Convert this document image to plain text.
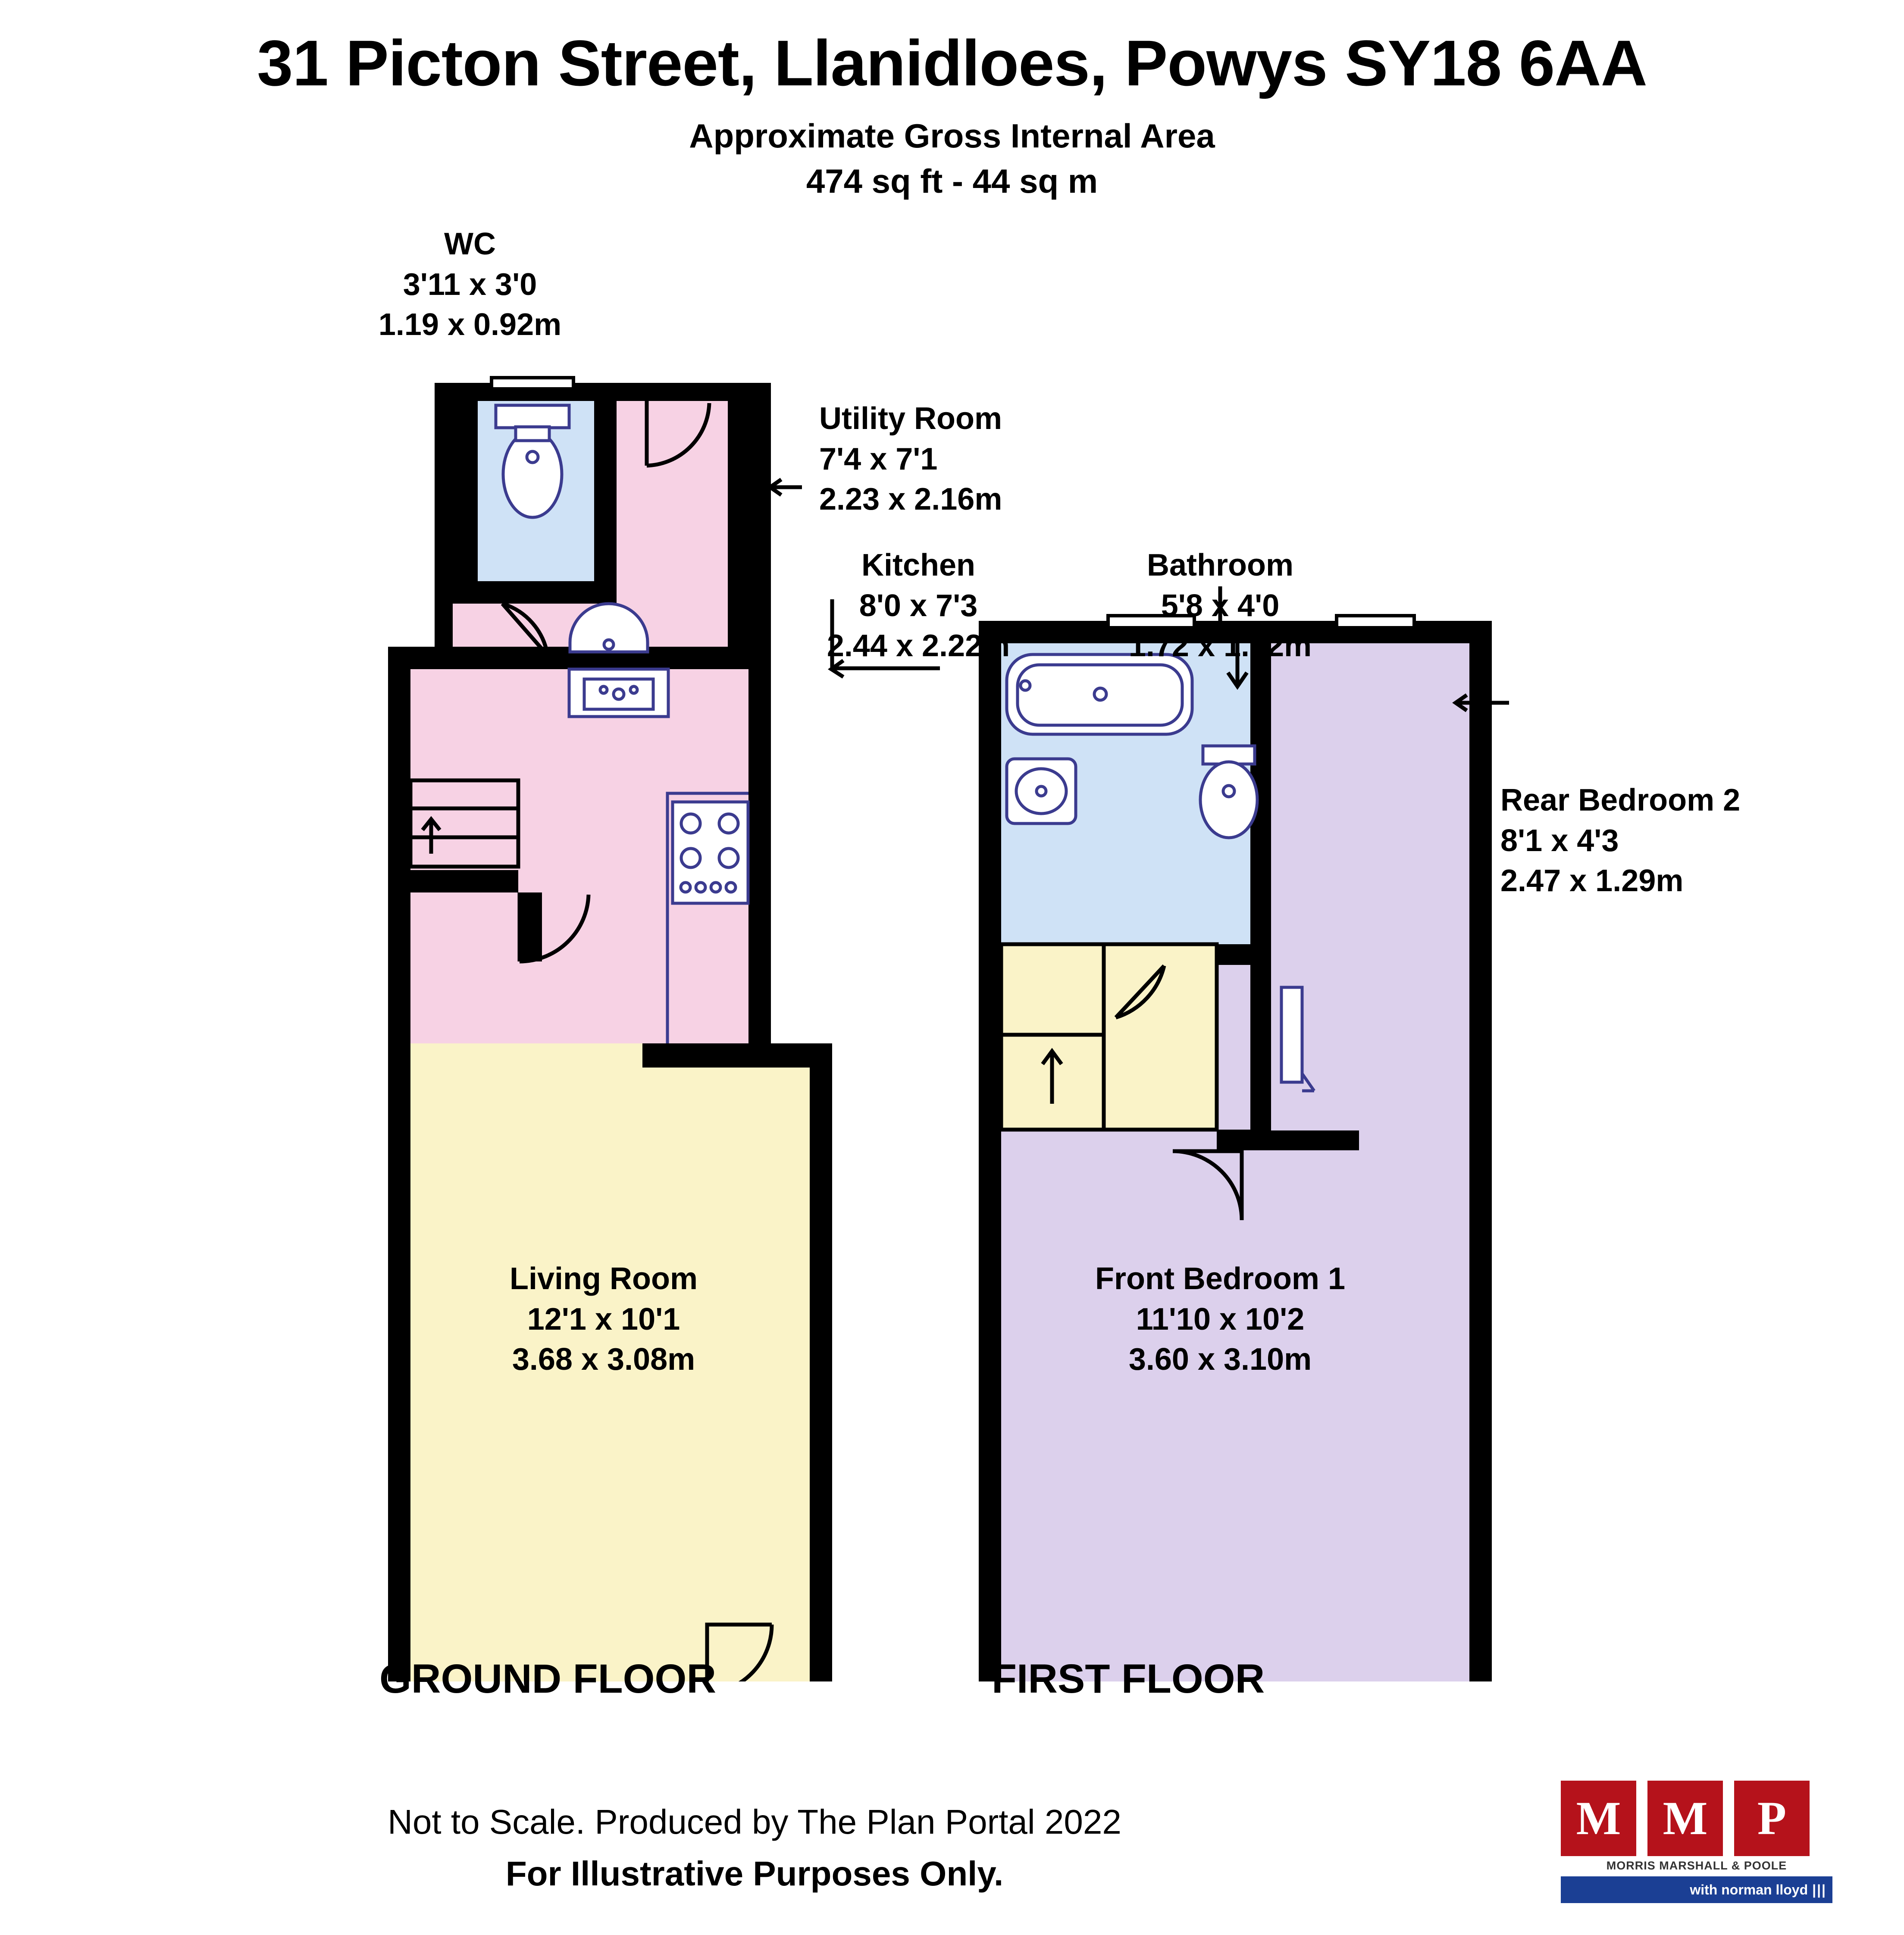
31 Picton Street, Llanidloes, Powys SY18 6AA
Approximate Gross Internal Area
474 sq ft - 44 sq m
WC
3'11 x 3'0
1.19 x 0.92m
Utility Room
7'4 x 7'1
2.23 x 2.16m
Kitchen
8'0 x 7'3
2.44 x 2.22m
Bathroom
5'8 x 4'0
1.72 x 1.22m
Rear Bedroom 2
8'1 x 4'3
2.47 x 1.29m
Living Room
12'1 x 10'1
3.68 x 3.08m
Front Bedroom 1
11'10 x 10'2
3.60 x 3.10m
GROUND FLOOR	FIRST FLOOR
Not to Scale. Produced by The Plan Portal 2022
For Illustrative Purposes Only.
M M	P
MORRIS MARSHALL & POOLE
with norman lloyd |||
